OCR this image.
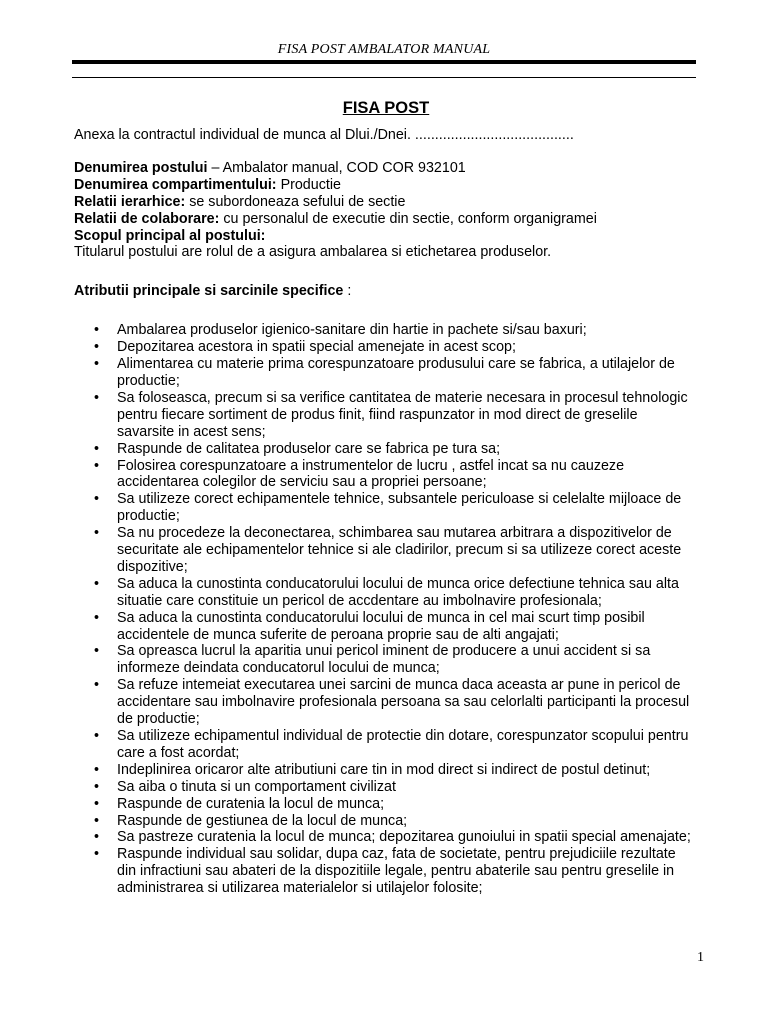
FISA POST AMBALATOR MANUAL

FISA POST

Anexa la contractul individual de munca al Dlui./Dnei. ........................................

Denumirea postului – Ambalator manual, COD COR 932101

Denumirea compartimentului: Productie

Relatii ierarhice: se subordoneaza sefului de sectie

Relatii de colaborare: cu personalul de executie din sectie, conform organigramei

Scopul principal al postului:

Titularul postului are rolul de a asigura ambalarea si etichetarea produselor.

Atributii principale si sarcinile specifice :

• Ambalarea produselor igienico-sanitare din hartie in pachete si/sau baxuri;
• Depozitarea acestora in spatii special amenejate in acest scop;
• Alimentarea cu materie prima corespunzatoare produsului care se fabrica, a utilajelor de productie;
• Sa foloseasca, precum si sa verifice cantitatea de materie necesara in procesul tehnologic pentru fiecare sortiment de produs finit, fiind raspunzator in mod direct de greselile savarsite in acest sens;
• Raspunde de calitatea produselor care se fabrica pe tura sa;
• Folosirea corespunzatoare a instrumentelor de lucru , astfel incat sa nu cauzeze accidentarea colegilor de serviciu sau a propriei persoane;
• Sa utilizeze corect echipamentele tehnice, subsantele periculoase si celelalte mijloace de productie;
• Sa nu procedeze la deconectarea, schimbarea sau mutarea arbitrara a dispozitivelor de securitate ale echipamentelor tehnice si ale cladirilor, precum si sa utilizeze corect aceste dispozitive;
• Sa aduca la cunostinta conducatorului locului de munca orice defectiune tehnica sau alta situatie care constituie un pericol de accdentare au imbolnavire profesionala;
• Sa aduca la cunostinta conducatorului locului de munca in cel mai scurt timp posibil accidentele de munca suferite de peroana proprie sau de alti angajati;
• Sa opreasca lucrul la aparitia unui pericol iminent de producere a unui accident si sa informeze deindata conducatorul locului de munca;
• Sa refuze intemeiat executarea unei sarcini de munca daca aceasta ar pune in pericol de accidentare sau imbolnavire profesionala persoana sa sau celorlalti participanti la procesul de productie;
• Sa utilizeze echipamentul individual de protectie din dotare, corespunzator scopului pentru care a fost acordat;
• Indeplinirea oricaror alte atributiuni care tin in mod direct si indirect de postul detinut;
• Sa aiba o tinuta si un comportament civilizat
• Raspunde de curatenia la locul de munca;
• Raspunde de gestiunea de la locul de munca;
• Sa pastreze curatenia la locul de munca; depozitarea gunoiului in spatii special amenajate;
• Raspunde individual sau solidar, dupa caz, fata de societate, pentru prejudiciile rezultate din infractiuni sau abateri de la dispozitiile legale, pentru abaterile sau pentru greselile in administrarea si utilizarea materialelor si utilajelor folosite;
1
